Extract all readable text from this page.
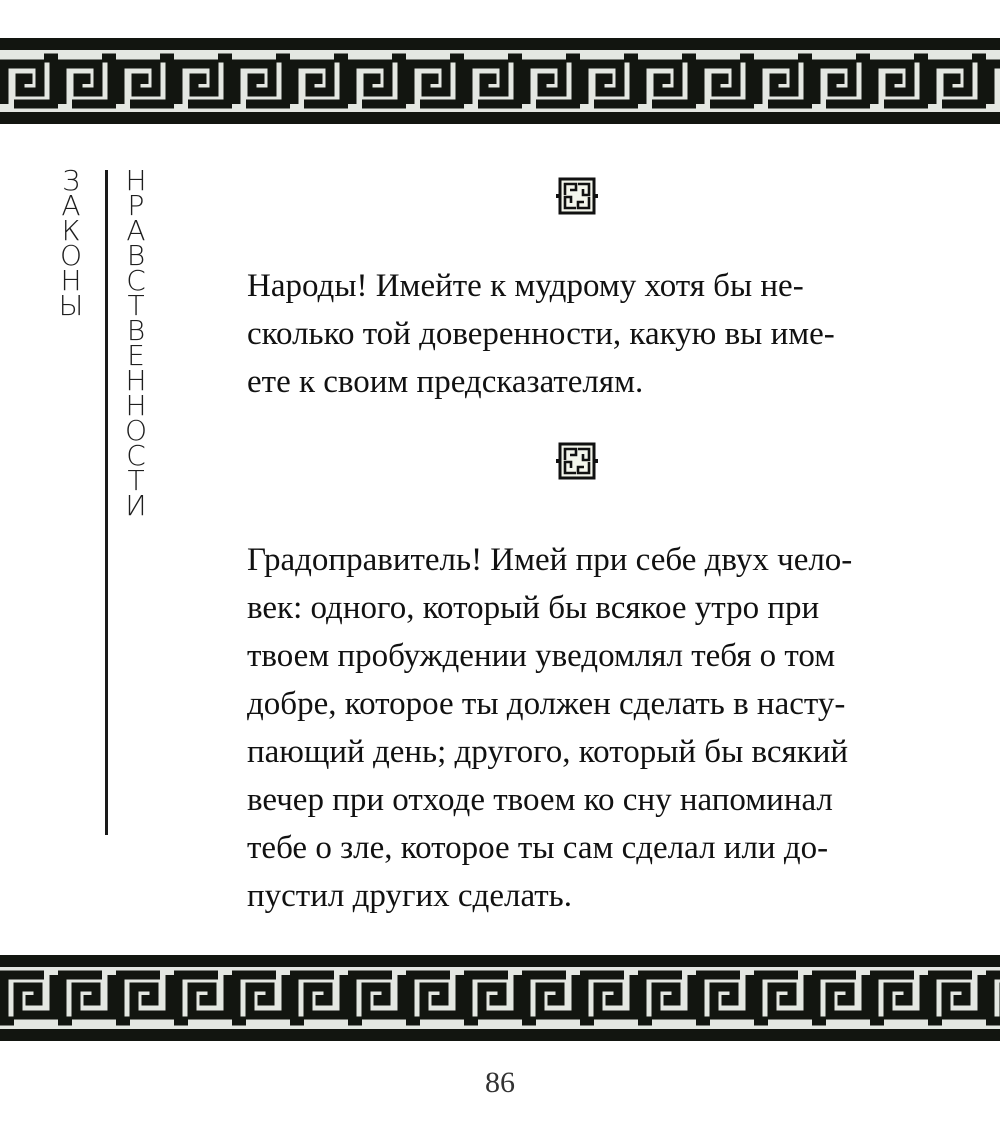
З
А
К
О
Н
Ы
Н
Р
А
В
С
Т
В
Е
Н
Н
О
С
Т
И

Народы! Имейте к мудрому хотя бы не-
сколько той доверенности, какую вы име-
ете к своим предсказателям.

Градоправитель! Имей при себе двух чело-
век: одного, который бы всякое утро при
твоем пробуждении уведомлял тебя о том
добре, которое ты должен сделать в насту-
пающий день; другого, который бы всякий
вечер при отходе твоем ко сну напоминал
тебе о зле, которое ты сам сделал или до-
пустил других сделать.

86
